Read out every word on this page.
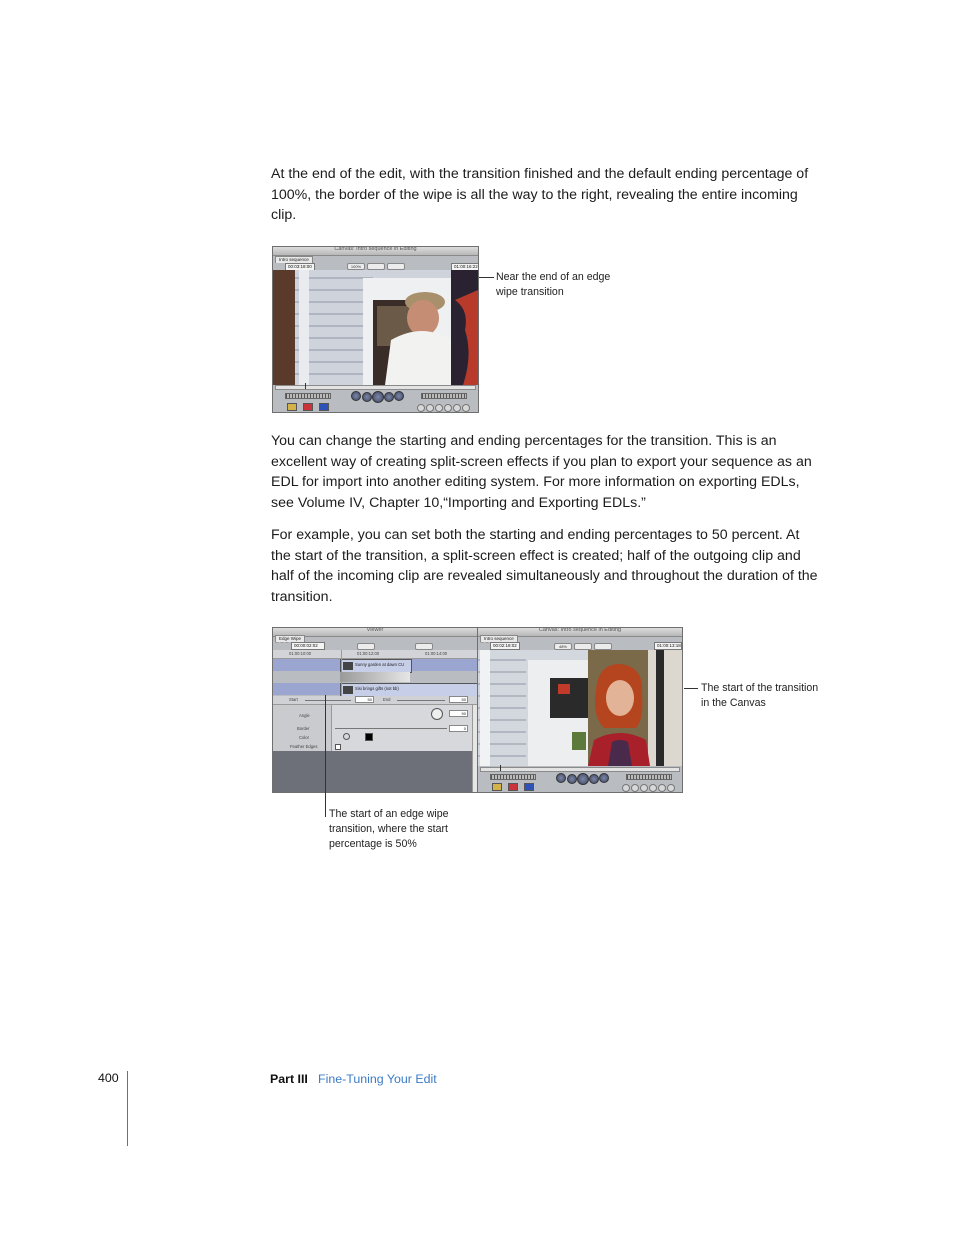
At the end of the edit, with the transition finished and the default ending percentage of 100%, the border of the wipe is all the way to the right, revealing the entire incoming clip.

Canvas: Intro sequence in Editing
Intro sequence
00:03:18:00	100%	01:00:16:22
Near the end of an edge wipe transition

You can change the starting and ending percentages for the transition. This is an excellent way of creating split-screen effects if you plan to export your sequence as an EDL for import into another editing system. For more information on exporting EDLs, see Volume IV, Chapter 10,“Importing and Exporting EDLs.”

For example, you can set both the starting and ending percentages to 50 percent. At the start of the transition, a split-screen effect is created; half of the outgoing clip and half of the incoming clip are revealed simultaneously and throughout the duration of the transition.

Viewer
Edge Wipe
00:00:02:02
01:00:10:00	01:00:12:00	01:00:14:00
Sunny garden at dawn CU
Sisi brings gifts (not bb)
Start	50	End	50
Angle	90
Border	0
Color
Feather Edges
Canvas: Intro sequence in Editing
Intro sequence
00:02:18:02	48%	01:00:13:18
The start of the transition in the Canvas
The start of an edge wipe transition, where the start percentage is 50%
400	Part III Fine-Tuning Your Edit
